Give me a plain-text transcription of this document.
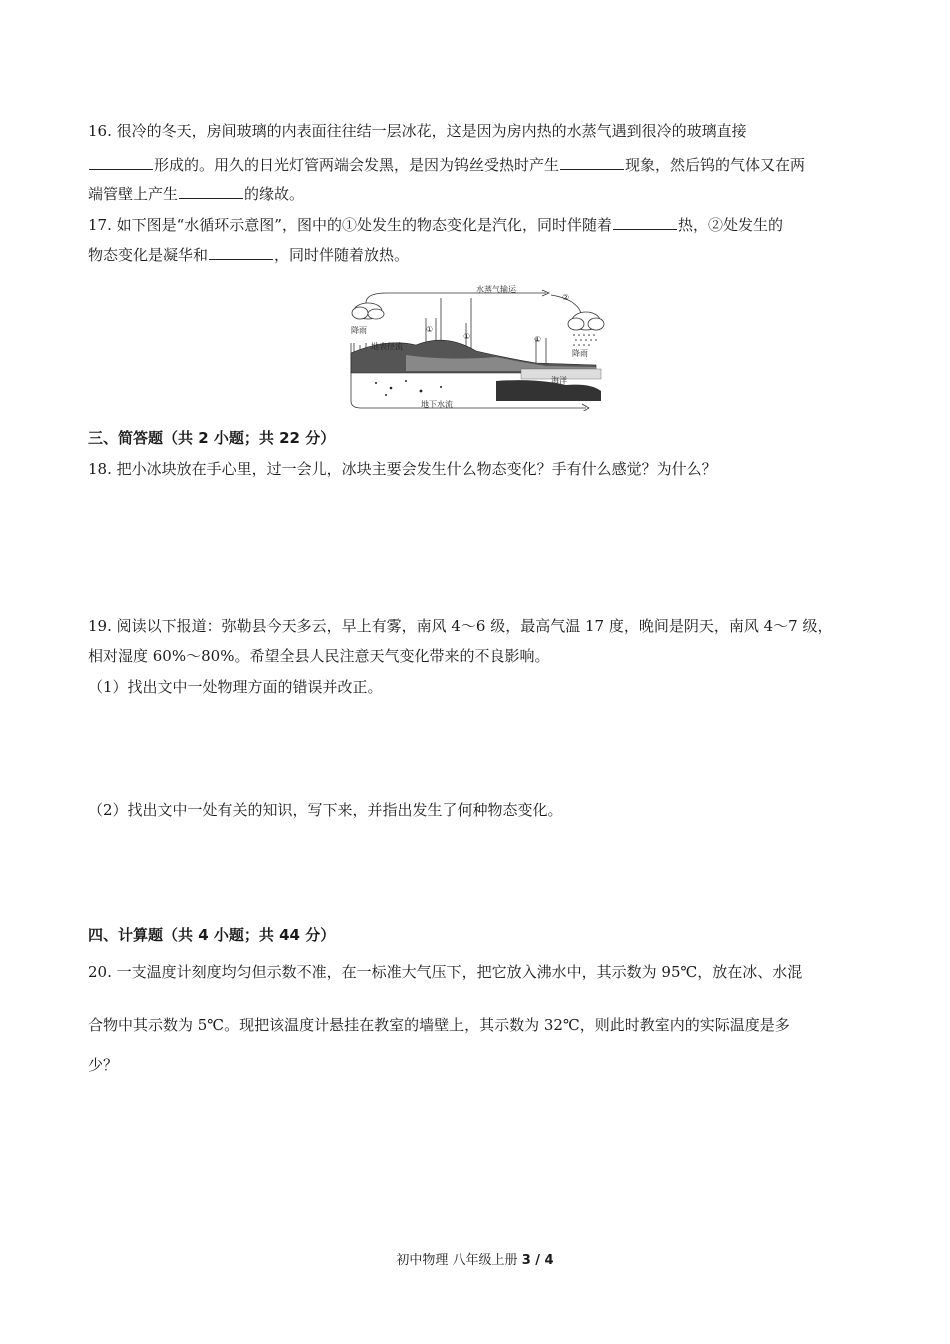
16. 很冷的冬天，房间玻璃的内表面往往结一层冰花，这是因为房内热的水蒸气遇到很冷的玻璃直接
形成的。用久的日光灯管两端会发黑，是因为钨丝受热时产生	现象，然后钨的气体又在两
端管壁上产生	的缘故。
17. 如下图是“水循环示意图”，图中的①处发生的物态变化是汽化，同时伴随着	热，②处发生的
物态变化是凝华和	，同时伴随着放热。
水蒸气输运
降雨
降雨
地表径流
海洋
地下水流
①
①	①
②
三、简答题（共 2 小题；共 22 分）
18. 把小冰块放在手心里，过一会儿，冰块主要会发生什么物态变化？手有什么感觉？为什么？
19. 阅读以下报道：弥勒县今天多云，早上有雾，南风 4～6 级，最高气温 17 度，晚间是阴天，南风 4～7 级，
相对湿度 60%～80%。希望全县人民注意天气变化带来的不良影响。
（1）找出文中一处物理方面的错误并改正。
（2）找出文中一处有关的知识，写下来，并指出发生了何种物态变化。
四、计算题（共 4 小题；共 44 分）
20. 一支温度计刻度均匀但示数不准，在一标准大气压下，把它放入沸水中，其示数为 95℃，放在冰、水混
合物中其示数为 5℃。现把该温度计悬挂在教室的墙壁上，其示数为 32℃，则此时教室内的实际温度是多
少？
初中物理 八年级上册 3 / 4
